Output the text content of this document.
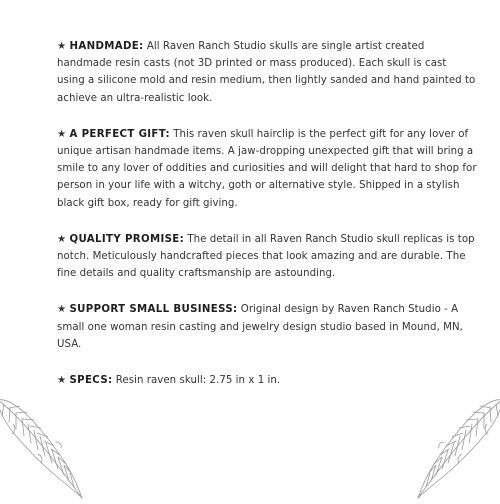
★ HANDMADE: All Raven Ranch Studio skulls are single artist created handmade resin casts (not 3D printed or mass produced). Each skull is cast using a silicone mold and resin medium, then lightly sanded and hand painted to achieve an ultra-realistic look.

★ A PERFECT GIFT: This raven skull hairclip is the perfect gift for any lover of unique artisan handmade items. A jaw-dropping unexpected gift that will bring a smile to any lover of oddities and curiosities and will delight that hard to shop for person in your life with a witchy, goth or alternative style. Shipped in a stylish black gift box, ready for gift giving.

★ QUALITY PROMISE: The detail in all Raven Ranch Studio skull replicas is top notch. Meticulously handcrafted pieces that look amazing and are durable. The fine details and quality craftsmanship are astounding.

★ SUPPORT SMALL BUSINESS: Original design by Raven Ranch Studio - A small one woman resin casting and jewelry design studio based in Mound, MN, USA.

★ SPECS: Resin raven skull: 2.75 in x 1 in.
